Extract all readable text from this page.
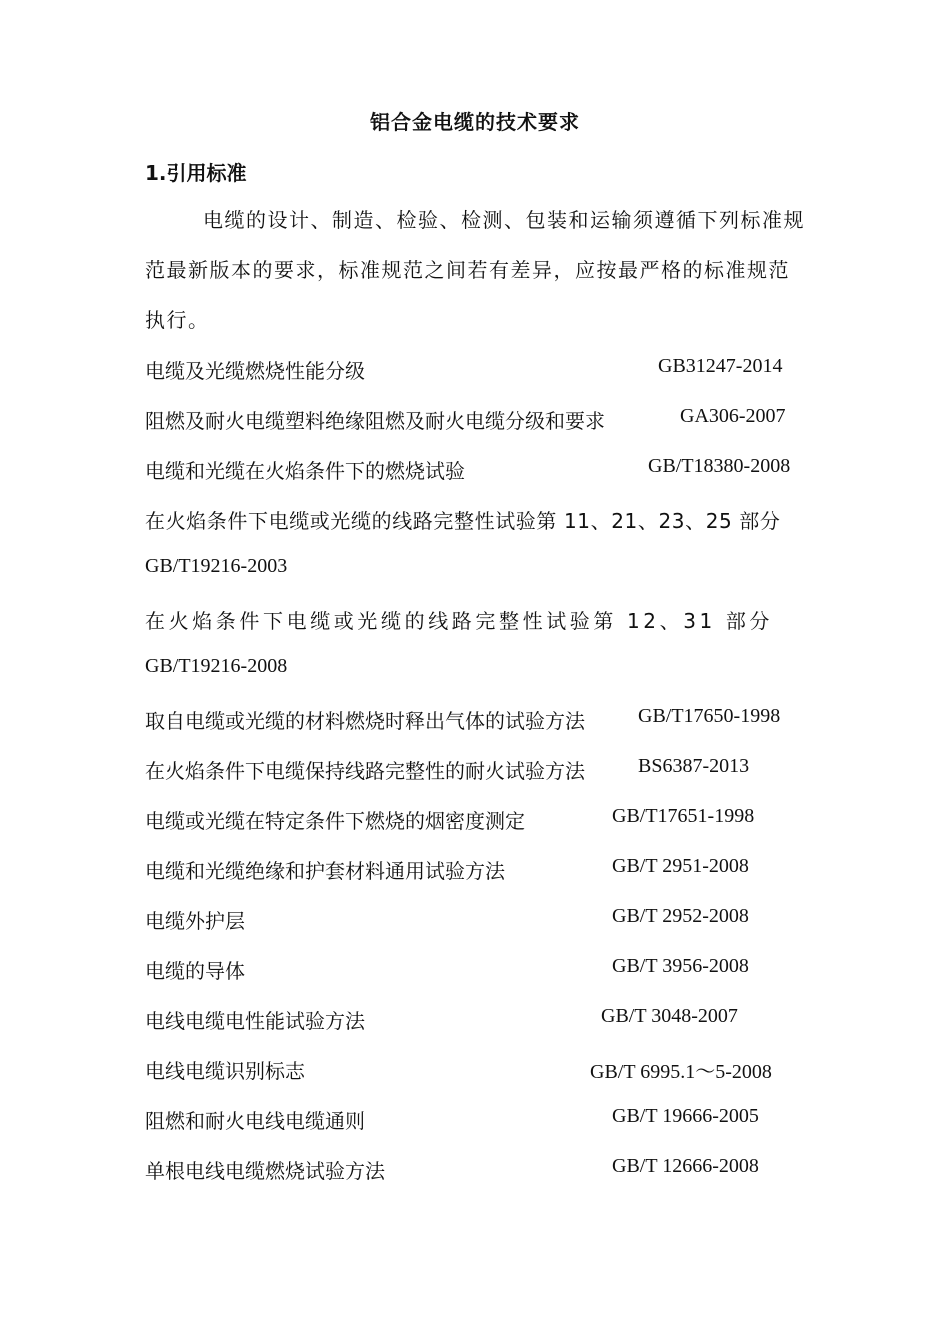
铝合金电缆的技术要求
1.引用标准
电缆的设计、制造、检验、检测、包装和运输须遵循下列标准规范最新版本的要求，标准规范之间若有差异，应按最严格的标准规范执行。
电缆及光缆燃烧性能分级	GB31247-2014
阻燃及耐火电缆塑料绝缘阻燃及耐火电缆分级和要求	GA306-2007
电缆和光缆在火焰条件下的燃烧试验	GB/T18380-2008
在火焰条件下电缆或光缆的线路完整性试验第 11、21、23、25 部分
GB/T19216-2003
在火焰条件下电缆或光缆的线路完整性试验第 12、31 部分
GB/T19216-2008
取自电缆或光缆的材料燃烧时释出气体的试验方法	GB/T17650-1998
在火焰条件下电缆保持线路完整性的耐火试验方法	BS6387-2013
电缆或光缆在特定条件下燃烧的烟密度测定	GB/T17651-1998
电缆和光缆绝缘和护套材料通用试验方法	GB/T 2951-2008
电缆外护层	GB/T 2952-2008
电缆的导体	GB/T 3956-2008
电线电缆电性能试验方法	GB/T 3048-2007
电线电缆识别标志	GB/T 6995.1～5-2008
阻燃和耐火电线电缆通则	GB/T 19666-2005
单根电线电缆燃烧试验方法	GB/T 12666-2008
